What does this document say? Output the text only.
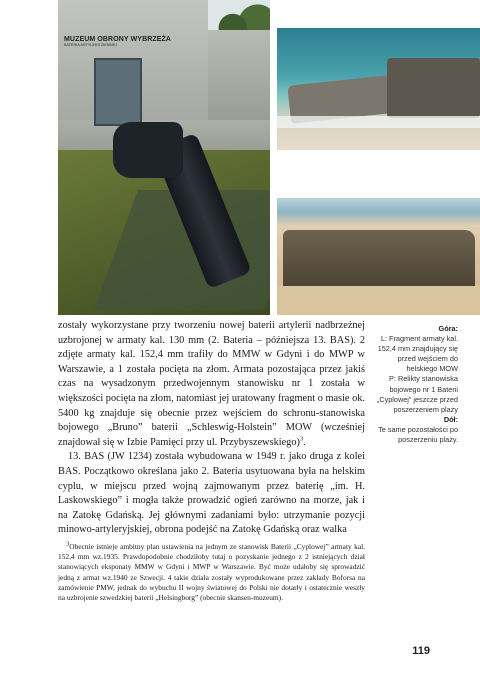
MUZEUM OBRONY WYBRZEŻA
BATERIA ARTYLERII ZIEMNEJ

zostały wykorzystane przy tworzeniu nowej baterii artylerii nadbrzeżnej uzbrojonej w armaty kal. 130 mm (2. Bateria – późniejsza 13. BAS). 2 zdjęte armaty kal. 152,4 mm trafiły do MMW w Gdyni i do MWP w Warszawie, a 1 została pocięta na złom. Armata pozostająca przez jakiś czas na wysadzonym przedwojennym stanowisku nr 1 została w większości pocięta na złom, natomiast jej uratowany fragment o masie ok. 5400 kg znajduje się obecnie przez wejściem do schronu-stanowiska bojowego „Bruno” baterii „Schleswig-Holstein” MOW (wcześniej znajdował się w Izbie Pamięci przy ul. Przybyszewskiego)$^3$.

13. BAS (JW 1234) została wybudowana w 1949 r. jako druga z kolei BAS. Początkowo określana jako 2. Bateria usytuowana była na helskim cyplu, w miejscu przed wojną zajmowanym przez baterię „im. H. Laskowskiego” i mogła także prowadzić ogień zarówno na morze, jak i na Zatokę Gdańską. Jej głównymi zadaniami było: utrzymanie pozycji minowo-artyleryjskiej, obrona podejść na Zatokę Gdańską oraz walka

$^3$Obecnie istnieje ambitny plan ustawienia na jednym ze stanowisk Baterii „Cyplowej” armaty kal. 152,4 mm wz.1935. Prawdopodobnie chodziłoby tutaj o pozyskanie jednego z 2 istniejących dział stanowiących eksponaty MMW w Gdyni i MWP w Warszawie. Być może udałoby się sprowadzić jedną z armat wz.1940 ze Szwecji. 4 takie działa zostały wyprodukowane przez zakłady Boforsa na zamówienie PMW, jednak do wybuchu II wojny światowej do Polski nie dotarły i ostatecznie weszły na uzbrojenie szwedzkiej baterii „Helsingborg” (obecnie skansen-muzeum).

Góra:
L: Fragment armaty kal. 152,4 mm znajdujący się przed wejściem do helskiego MOW
P: Relikty stanowiska bojowego nr 1 Baterii „Cyplowej” jeszcze przed poszerzeniem plaży
Dół:
Te same pozostałości po poszerzeniu plaży.
119
